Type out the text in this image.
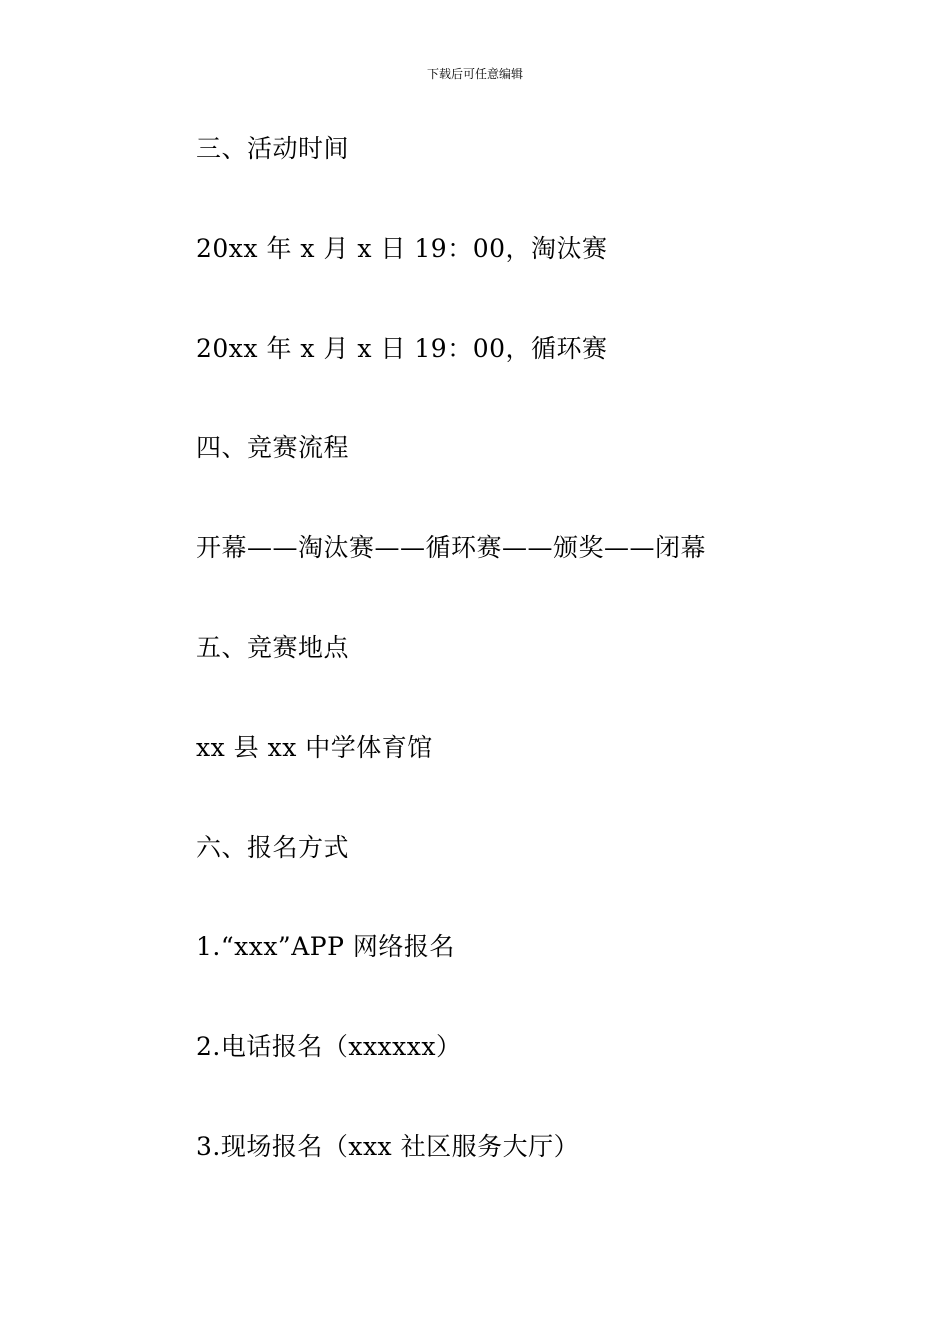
下载后可任意编辑
三、活动时间
20xx 年 x 月 x 日 19：00，淘汰赛
20xx 年 x 月 x 日 19：00，循环赛
四、竞赛流程
开幕——淘汰赛——循环赛——颁奖——闭幕
五、竞赛地点
xx 县 xx 中学体育馆
六、报名方式
1.“xxx”APP 网络报名
2.电话报名（xxxxxx）
3.现场报名（xxx 社区服务大厅）
